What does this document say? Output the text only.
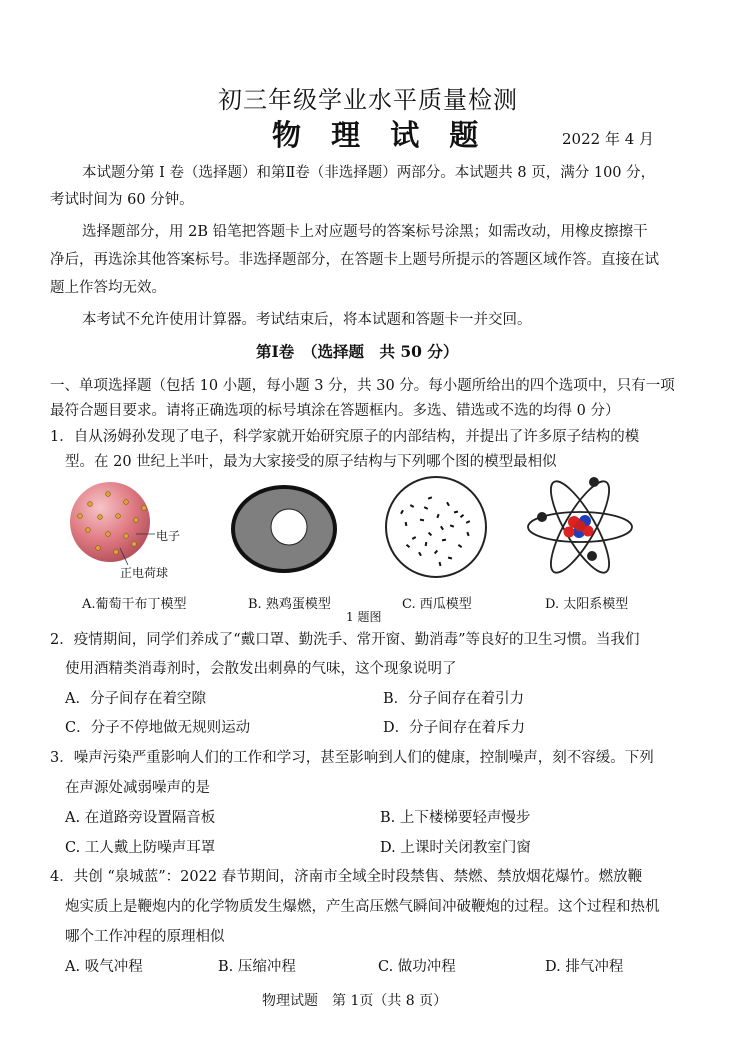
初三年级学业水平质量检测
物 理 试 题	2022 年 4 月
本试题分第 Ⅰ 卷（选择题）和第Ⅱ卷（非选择题）两部分。本试题共 8 页，满分 100 分，
考试时间为 60 分钟。
选择题部分，用 2B 铅笔把答题卡上对应题号的答案标号涂黑；如需改动，用橡皮擦擦干
净后，再选涂其他答案标号。非选择题部分，在答题卡上题号所提示的答题区域作答。直接在试
题上作答均无效。
本考试不允许使用计算器。考试结束后，将本试题和答题卡一并交回。
第Ⅰ卷　（选择题　共 50 分）
一、单项选择题（包括 10 小题，每小题 3 分，共 30 分。每小题所给出的四个选项中，只有一项
最符合题目要求。请将正确选项的标号填涂在答题框内。多选、错选或不选的均得 0 分）
1．自从汤姆孙发现了电子，科学家就开始研究原子的内部结构，并提出了许多原子结构的模
型。在 20 世纪上半叶，最为大家接受的原子结构与下列哪个图的模型最相似
电子
正电荷球
A.葡萄干布丁模型	B. 熟鸡蛋模型	C. 西瓜模型	D. 太阳系模型
1 题图
2．疫情期间，同学们养成了“戴口罩、勤洗手、常开窗、勤消毒”等良好的卫生习惯。当我们
使用酒精类消毒剂时，会散发出刺鼻的气味，这个现象说明了
A．分子间存在着空隙	B．分子间存在着引力
C．分子不停地做无规则运动	D．分子间存在着斥力
3．噪声污染严重影响人们的工作和学习，甚至影响到人们的健康，控制噪声，刻不容缓。下列
在声源处减弱噪声的是
A. 在道路旁设置隔音板	B. 上下楼梯要轻声慢步
C. 工人戴上防噪声耳罩	D. 上课时关闭教室门窗
4．共创 “泉城蓝”：2022 春节期间，济南市全域全时段禁售、禁燃、禁放烟花爆竹。燃放鞭
炮实质上是鞭炮内的化学物质发生爆燃，产生高压燃气瞬间冲破鞭炮的过程。这个过程和热机
哪个工作冲程的原理相似
A. 吸气冲程	B. 压缩冲程	C. 做功冲程	D. 排气冲程
物理试题　第 1页（共 8 页）
